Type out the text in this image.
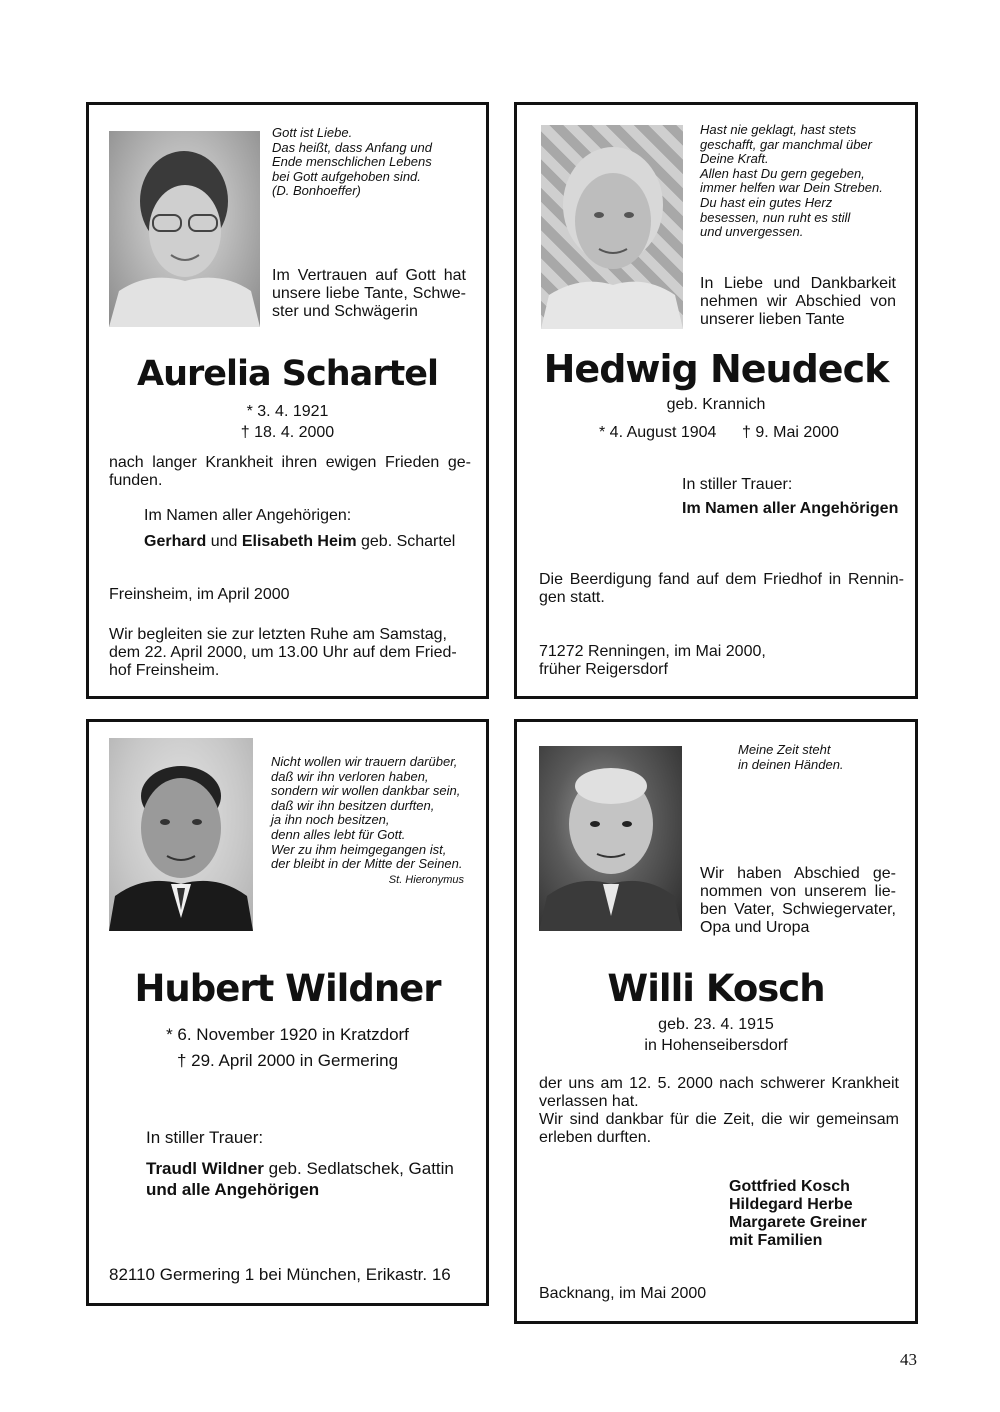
Gott ist Liebe.
Das heißt, dass Anfang und
Ende menschlichen Lebens
bei Gott aufgehoben sind.
(D. Bonhoeffer)

Im Vertrauen auf Gott hat unsere liebe Tante, Schwe-ster und Schwägerin

Aurelia Schartel
* 3. 4. 1921
† 18. 4. 2000

nach langer Krankheit ihren ewigen Frieden ge-funden.

Im Namen aller Angehörigen:
Gerhard und Elisabeth Heim geb. Schartel
Freinsheim, im April 2000

Wir begleiten sie zur letzten Ruhe am Samstag, dem 22. April 2000, um 13.00 Uhr auf dem Fried-hof Freinsheim.

Hast nie geklagt, hast stets
geschafft, gar manchmal über
Deine Kraft.
Allen hast Du gern gegeben,
immer helfen war Dein Streben.
Du hast ein gutes Herz
besessen, nun ruht es still
und unvergessen.

In Liebe und Dankbarkeit nehmen wir Abschied von unserer lieben Tante

Hedwig Neudeck
geb. Krannich
* 4. August 1904 † 9. Mai 2000
In stiller Trauer:
Im Namen aller Angehörigen

Die Beerdigung fand auf dem Friedhof in Rennin-gen statt.

71272 Renningen, im Mai 2000,
früher Reigersdorf
Nicht wollen wir trauern darüber,
daß wir ihn verloren haben,
sondern wir wollen dankbar sein,
daß wir ihn besitzen durften,
ja ihn noch besitzen,
denn alles lebt für Gott.
Wer zu ihm heimgegangen ist,
der bleibt in der Mitte der Seinen.
St. Hieronymus
Hubert Wildner
* 6. November 1920 in Kratzdorf
† 29. April 2000 in Germering
In stiller Trauer:
Traudl Wildner geb. Sedlatschek, Gattin
und alle Angehörigen
82110 Germering 1 bei München, Erikastr. 16
Meine Zeit steht
in deinen Händen.

Wir haben Abschied ge-nommen von unserem lie-ben Vater, Schwiegervater, Opa und Uropa

Willi Kosch
geb. 23. 4. 1915
in Hohenseibersdorf

der uns am 12. 5. 2000 nach schwerer Krankheit verlassen hat.

Wir sind dankbar für die Zeit, die wir gemeinsam erleben durften.

Gottfried Kosch
Hildegard Herbe
Margarete Greiner
mit Familien
Backnang, im Mai 2000
43
